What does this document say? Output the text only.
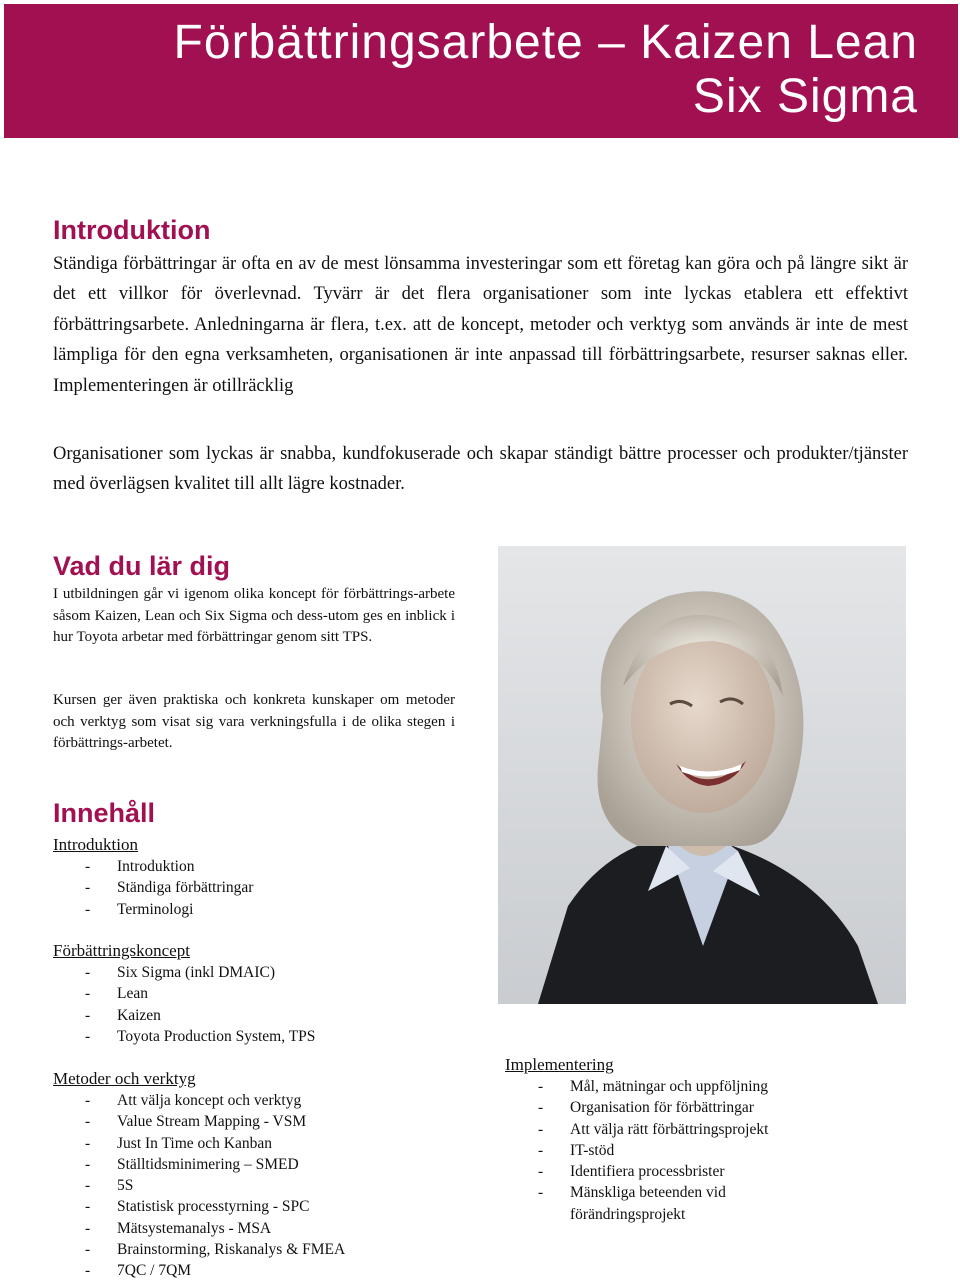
Förbättringsarbete – Kaizen Lean
Six Sigma
Introduktion

Ständiga förbättringar är ofta en av de mest lönsamma investeringar som ett företag kan göra och på längre sikt är det ett villkor för överlevnad. Tyvärr är det flera organisationer som inte lyckas etablera ett effektivt förbättringsarbete. Anledningarna är flera, t.ex. att de koncept, metoder och verktyg som används är inte de mest lämpliga för den egna verksamheten, organisationen är inte anpassad till förbättringsarbete, resurser saknas eller. Implementeringen är otillräcklig

Organisationer som lyckas är snabba, kundfokuserade och skapar ständigt bättre processer och produkter/tjänster med överlägsen kvalitet till allt lägre kostnader.

Vad du lär dig

I utbildningen går vi igenom olika koncept för förbättrings-arbete såsom Kaizen, Lean och Six Sigma och dess-utom ges en inblick i hur Toyota arbetar med förbättringar genom sitt TPS.

Kursen ger även praktiska och konkreta kunskaper om metoder och verktyg som visat sig vara verkningsfulla i de olika stegen i förbättrings-arbetet.

Innehåll
Introduktion
- Introduktion
- Ständiga förbättringar
- Terminologi
Förbättringskoncept
- Six Sigma (inkl DMAIC)
- Lean
- Kaizen
- Toyota Production System, TPS
Metoder och verktyg
- Att välja koncept och verktyg
- Value Stream Mapping - VSM
- Just In Time och Kanban
- Ställtidsminimering – SMED
- 5S
- Statistisk processtyrning - SPC
- Mätsystemanalys - MSA
- Brainstorming, Riskanalys & FMEA
- 7QC / 7QM
Implementering
- Mål, mätningar och uppföljning
- Organisation för förbättringar
- Att välja rätt förbättringsprojekt
- IT-stöd
- Identifiera processbrister
- Mänskliga beteenden vid förändringsprojekt
